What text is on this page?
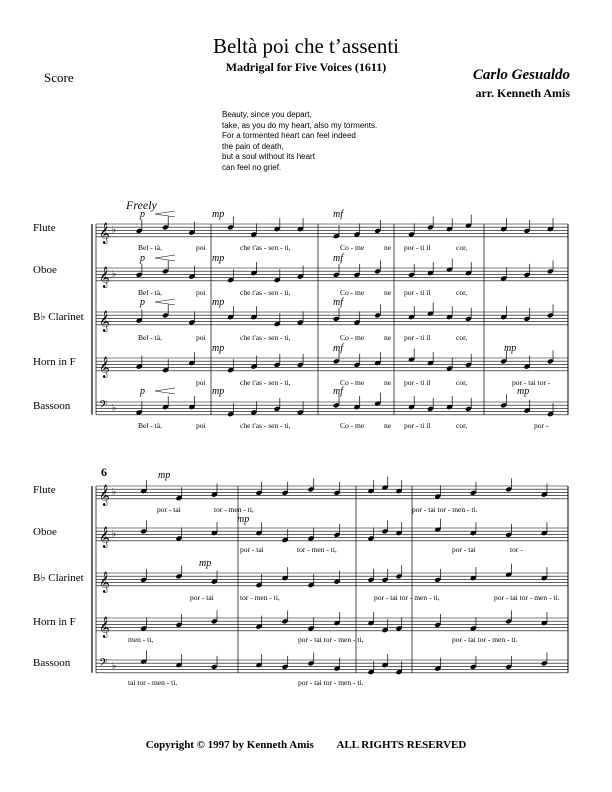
Beltà poi che t’assenti
Madrigal for Five Voices (1611)
Score	Carlo Gesualdo
arr. Kenneth Amis
Beauty, since you depart,
take, as you do my heart, also my torments.
For a tormented heart can feel indeed
the pain of death,
but a soul without its heart
can feel no grief.
Flute
Oboe
B♭ Clarinet
Horn in F
Bassoon
Flute
Oboe
B♭ Clarinet
Horn in F
Bassoon
𝄞 ♭
𝄞 ♭
𝄞
𝄞
𝄢 ♭
𝄞 ♭
𝄞 ♭
𝄞
𝄞
𝄢 ♭
Freely
6
p	mp	mf
p	mp	mf
p	mp	mf
mp	mf	mp
p	mp	mf	mp
mp
mp
mp
Bel - tà,	poi	che t'as - sen - ti,	Co - me	ne por - ti il	cor,
Bel - tà,	poi	che t'as - sen - ti,	Co - me	ne por - ti il	cor,
Bel - tà,	poi	che t'as - sen - ti,	Co - me	ne por - ti il	cor,
poi	che t'as - sen - ti,	Co - me	ne por - ti il	cor,	por - tai tor -
Bel - tà,	poi	che t'as - sen - ti,	Co - me	ne por - ti il	cor,	por -
por - tai	tor - men - ti,	por - tai tor - men - ti.
por - tai	tor - men - ti,	por - tai	tor -
por - tai	tor - men - ti,	por - tai tor - men - ti,	por - tai tor - men - ti.
men - ti,	por - tai tor - men - ti,	por - tai tor - men - ti.
tai tor - men - ti,	por - tai tor - men - ti.
Copyright © 1997 by Kenneth Amis ALL RIGHTS RESERVED
